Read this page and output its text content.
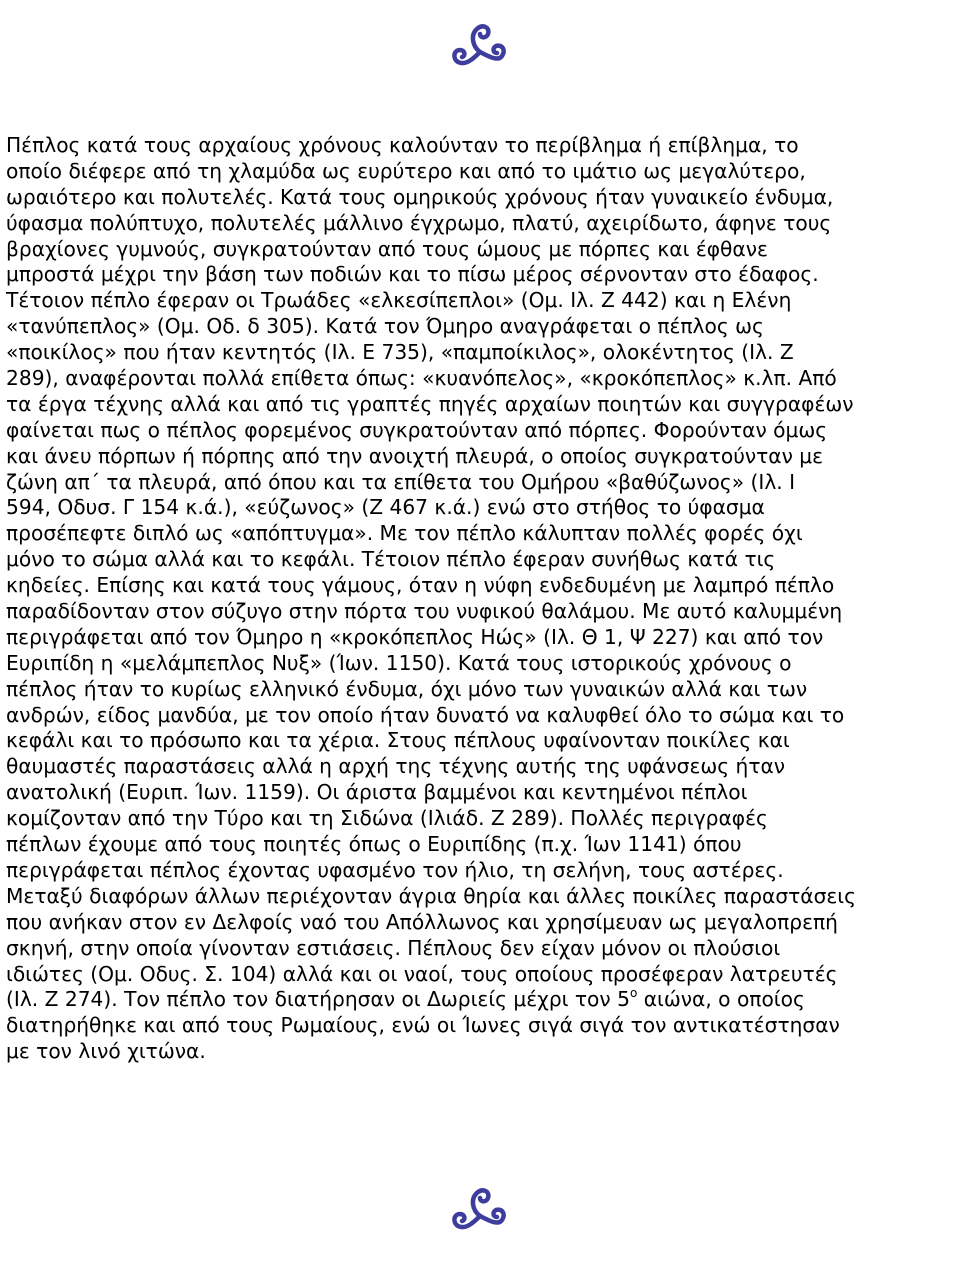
Πέπλος κατά τους αρχαίους χρόνους καλούνταν το περίβλημα ή επίβλημα, το
οποίο διέφερε από τη χλαμύδα ως ευρύτερο και από το ιμάτιο ως μεγαλύτερο,
ωραιότερο και πολυτελές. Κατά τους ομηρικούς χρόνους ήταν γυναικείο ένδυμα,
ύφασμα πολύπτυχο, πολυτελές μάλλινο έγχρωμο, πλατύ, αχειρίδωτο, άφηνε τους
βραχίονες γυμνούς, συγκρατούνταν από τους ώμους με πόρπες και έφθανε
μπροστά μέχρι την βάση των ποδιών και το πίσω μέρος σέρνονταν στο έδαφος.
Τέτοιον πέπλο έφεραν οι Τρωάδες «ελκεσίπεπλοι» (Ομ. Ιλ. Ζ 442) και η Ελένη
«τανύπεπλος» (Ομ. Οδ. δ 305). Κατά τον Όμηρο αναγράφεται ο πέπλος ως
«ποικίλος» που ήταν κεντητός (Ιλ. Ε 735), «παμποίκιλος», ολοκέντητος (Ιλ. Ζ
289), αναφέρονται πολλά επίθετα όπως: «κυανόπελος», «κροκόπεπλος» κ.λπ. Από
τα έργα τέχνης αλλά και από τις γραπτές πηγές αρχαίων ποιητών και συγγραφέων
φαίνεται πως ο πέπλος φορεμένος συγκρατούνταν από πόρπες. Φορούνταν όμως
και άνευ πόρπων ή πόρπης από την ανοιχτή πλευρά, ο οποίος συγκρατούνταν με
ζώνη απ΄ τα πλευρά, από όπου και τα επίθετα του Ομήρου «βαθύζωνος» (Ιλ. Ι
594, Οδυσ. Γ 154 κ.ά.), «εύζωνος» (Ζ 467 κ.ά.) ενώ στο στήθος το ύφασμα
προσέπεφτε διπλό ως «απόπτυγμα». Με τον πέπλο κάλυπταν πολλές φορές όχι
μόνο το σώμα αλλά και το κεφάλι. Τέτοιον πέπλο έφεραν συνήθως κατά τις
κηδείες. Επίσης και κατά τους γάμους, όταν η νύφη ενδεδυμένη με λαμπρό πέπλο
παραδίδονταν στον σύζυγο στην πόρτα του νυφικού θαλάμου. Με αυτό καλυμμένη
περιγράφεται από τον Όμηρο η «κροκόπεπλος Ηώς» (Ιλ. Θ 1, Ψ 227) και από τον
Ευριπίδη η «μελάμπεπλος Νυξ» (Ίων. 1150). Κατά τους ιστορικούς χρόνους ο
πέπλος ήταν το κυρίως ελληνικό ένδυμα, όχι μόνο των γυναικών αλλά και των
ανδρών, είδος μανδύα, με τον οποίο ήταν δυνατό να καλυφθεί όλο το σώμα και το
κεφάλι και το πρόσωπο και τα χέρια. Στους πέπλους υφαίνονταν ποικίλες και
θαυμαστές παραστάσεις αλλά η αρχή της τέχνης αυτής της υφάνσεως ήταν
ανατολική (Ευριπ. Ίων. 1159). Οι άριστα βαμμένοι και κεντημένοι πέπλοι
κομίζονταν από την Τύρο και τη Σιδώνα (Ιλιάδ. Ζ 289). Πολλές περιγραφές
πέπλων έχουμε από τους ποιητές όπως ο Ευριπίδης (π.χ. Ίων 1141) όπου
περιγράφεται πέπλος έχοντας υφασμένο τον ήλιο, τη σελήνη, τους αστέρες.
Μεταξύ διαφόρων άλλων περιέχονταν άγρια θηρία και άλλες ποικίλες παραστάσεις
που ανήκαν στον εν Δελφοίς ναό του Απόλλωνος και χρησίμευαν ως μεγαλοπρεπή
σκηνή, στην οποία γίνονταν εστιάσεις. Πέπλους δεν είχαν μόνον οι πλούσιοι
ιδιώτες (Ομ. Οδυς. Σ. 104) αλλά και οι ναοί, τους οποίους προσέφεραν λατρευτές
(Ιλ. Ζ 274). Τον πέπλο τον διατήρησαν οι Δωριείς μέχρι τον $5^o$ αιώνα, ο οποίος
διατηρήθηκε και από τους Ρωμαίους, ενώ οι Ίωνες σιγά σιγά τον αντικατέστησαν
με τον λινό χιτώνα.
